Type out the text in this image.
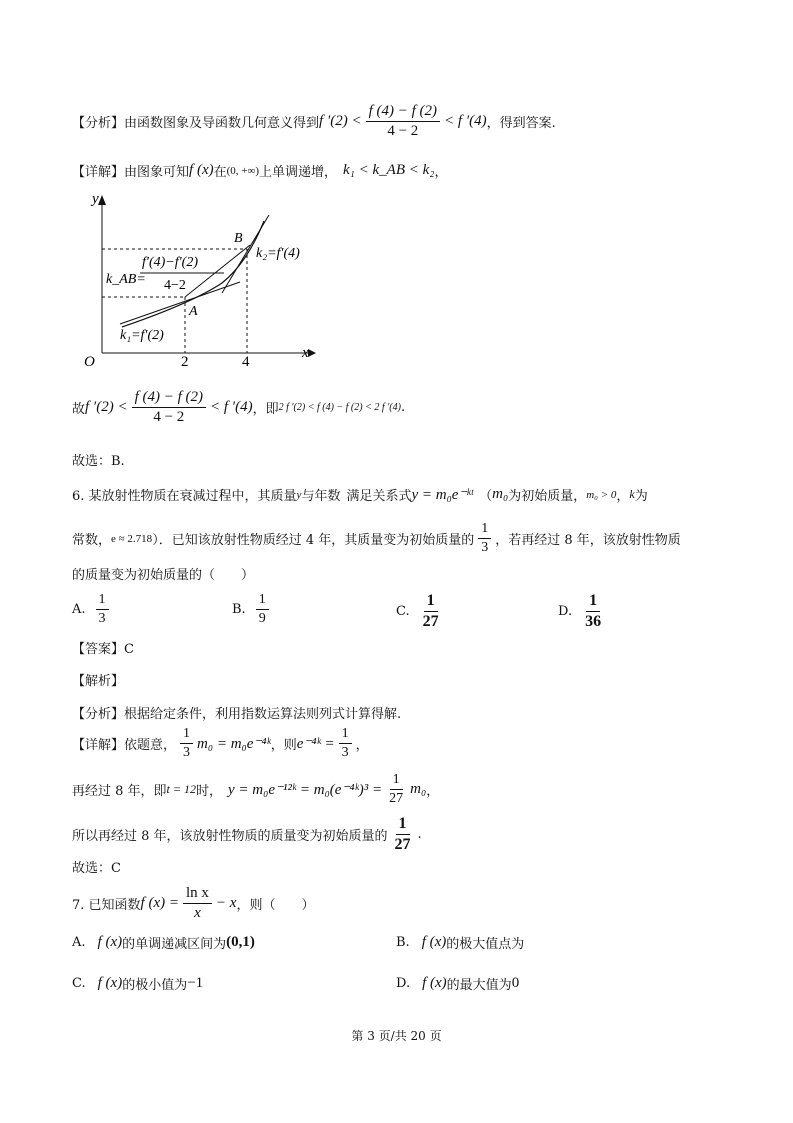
【分析】 由函数图象及导函数几何意义得到 f $'(2) < \frac{f (4) - f (2)}{4 - 2} < f$ ′(4) ，得到答案.
【详解】 由图象可知 f (x) 在 (0, +∞) 上单调递增， k₁ < k_AB < k₂ ，
y
x
O	2	4
A
B
k₂=f′(4)
k₁=f′(2)
k_AB=
f′(4)−f′(2)
4−2
故 f $'(2) < \frac{f (4) - f (2)}{4 - 2} < f$ ′(4) ，即 2 f ′(2) < f (4) − f (2) < 2 f ′(4) .
故选：B.
6. 某放射性物质在衰减过程中，其质量 y 与年数 满足关系式 y = m₀e⁻ᵏᵗ （ m₀ 为初始质量， m₀ > 0 ， k 为
常数， e ≈ 2.718 ）．已知该放射性物质经过 4 年，其质量变为初始质量的 $\frac{1}{3}$ ，若再经过 8 年，该放射性物质
的质量变为初始质量的（　　）
A. $\frac{1}{3}$	B. $\frac{1}{9}$	C. $\frac{1}{27}$	D. $\frac{1}{36}$
【答案】C
【解析】
【分析】根据给定条件，利用指数运算法则列式计算得解.
【详解】 依题意， $\frac{1}{3} m_0$ = m₀e⁻⁴ᵏ ，则 e⁻⁴ᵏ = $\frac{1}{3}$ ，
再经过 8 年，即 t = 12 时， y = m₀e⁻¹²ᵏ = m₀(e⁻⁴ᵏ)³ = $\frac{1}{27} m_0$ ，
所以再经过 8 年，该放射性物质的质量变为初始质量的 $\frac{1}{27}$ .
故选：C
7. 已知函数 f $(x) = \frac{\text{ln x}}{x} - x$ ，则（　　）
A. f (x) 的单调递减区间为 (0,1)	B. f (x) 的极大值点为
C. f (x) 的极小值为 −1	D. f (x) 的最大值为 0
第 3 页/共 20 页
